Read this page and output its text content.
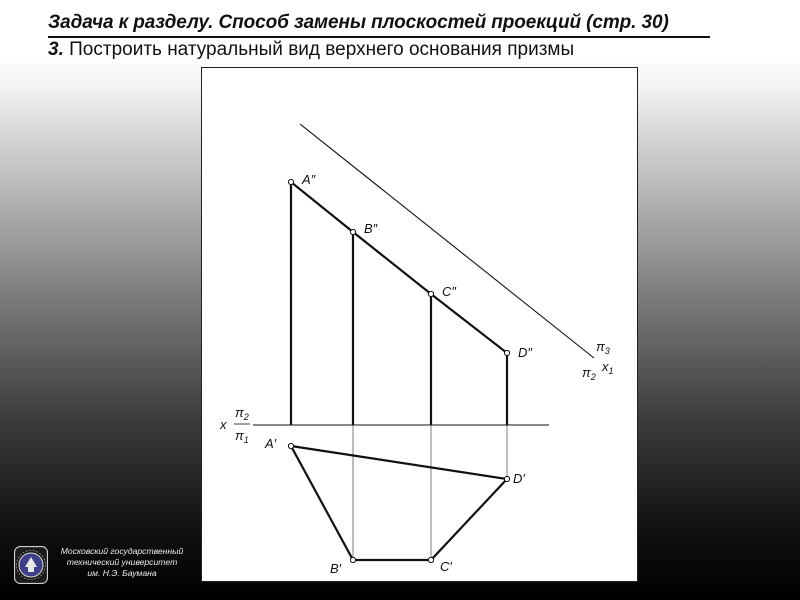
Задача к разделу. Способ замены плоскостей проекций (стр. 30)

3. Построить натуральный вид верхнего основания призмы

A″
B″
C″
D″
A′
B′	C′
D′
x
$\pi_2$
$\pi_1$
$\pi_3$
$\pi_2$
$x_1$
Московский государственный
технический университет
им. Н.Э. Баумана
